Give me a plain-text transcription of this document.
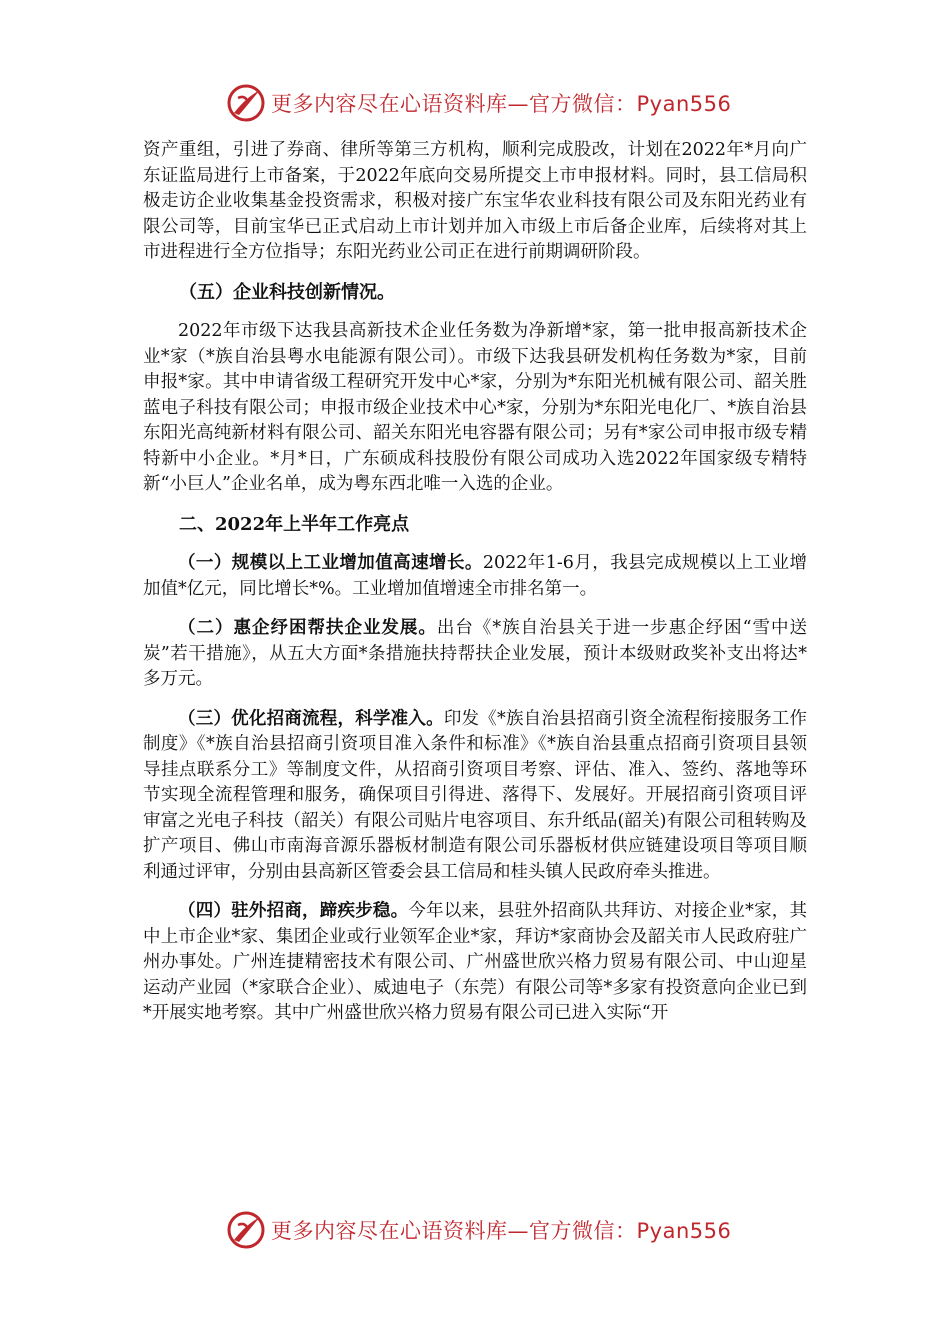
更多内容尽在心语资料库—官方微信：Pyan556

资产重组，引进了券商、律所等第三方机构，顺利完成股改，计划在2022年*月向广东证监局进行上市备案，于2022年底向交易所提交上市申报材料。同时，县工信局积极走访企业收集基金投资需求，积极对接广东宝华农业科技有限公司及东阳光药业有限公司等，目前宝华已正式启动上市计划并加入市级上市后备企业库，后续将对其上市进程进行全方位指导；东阳光药业公司正在进行前期调研阶段。

（五）企业科技创新情况。

2022年市级下达我县高新技术企业任务数为净新增*家，第一批申报高新技术企业*家（*族自治县粤水电能源有限公司）。市级下达我县研发机构任务数为*家，目前申报*家。其中申请省级工程研究开发中心*家，分别为*东阳光机械有限公司、韶关胜蓝电子科技有限公司；申报市级企业技术中心*家，分别为*东阳光电化厂、*族自治县东阳光高纯新材料有限公司、韶关东阳光电容器有限公司；另有*家公司申报市级专精特新中小企业。*月*日，广东硕成科技股份有限公司成功入选2022年国家级专精特新“小巨人”企业名单，成为粤东西北唯一入选的企业。

二、2022年上半年工作亮点

（一）规模以上工业增加值高速增长。2022年1-6月，我县完成规模以上工业增加值*亿元，同比增长*%。工业增加值增速全市排名第一。

（二）惠企纾困帮扶企业发展。出台《*族自治县关于进一步惠企纾困“雪中送炭”若干措施》，从五大方面*条措施扶持帮扶企业发展，预计本级财政奖补支出将达*多万元。

（三）优化招商流程，科学准入。印发《*族自治县招商引资全流程衔接服务工作制度》《*族自治县招商引资项目准入条件和标准》《*族自治县重点招商引资项目县领导挂点联系分工》等制度文件，从招商引资项目考察、评估、准入、签约、落地等环节实现全流程管理和服务，确保项目引得进、落得下、发展好。开展招商引资项目评审富之光电子科技（韶关）有限公司贴片电容项目、东升纸品(韶关)有限公司租转购及扩产项目、佛山市南海音源乐器板材制造有限公司乐器板材供应链建设项目等项目顺利通过评审，分别由县高新区管委会县工信局和桂头镇人民政府牵头推进。

（四）驻外招商，蹄疾步稳。今年以来，县驻外招商队共拜访、对接企业*家，其中上市企业*家、集团企业或行业领军企业*家，拜访*家商协会及韶关市人民政府驻广州办事处。广州连捷精密技术有限公司、广州盛世欣兴格力贸易有限公司、中山迎星运动产业园（*家联合企业）、威迪电子（东莞）有限公司等*多家有投资意向企业已到*开展实地考察。其中广州盛世欣兴格力贸易有限公司已进入实际“开

更多内容尽在心语资料库—官方微信：Pyan556
